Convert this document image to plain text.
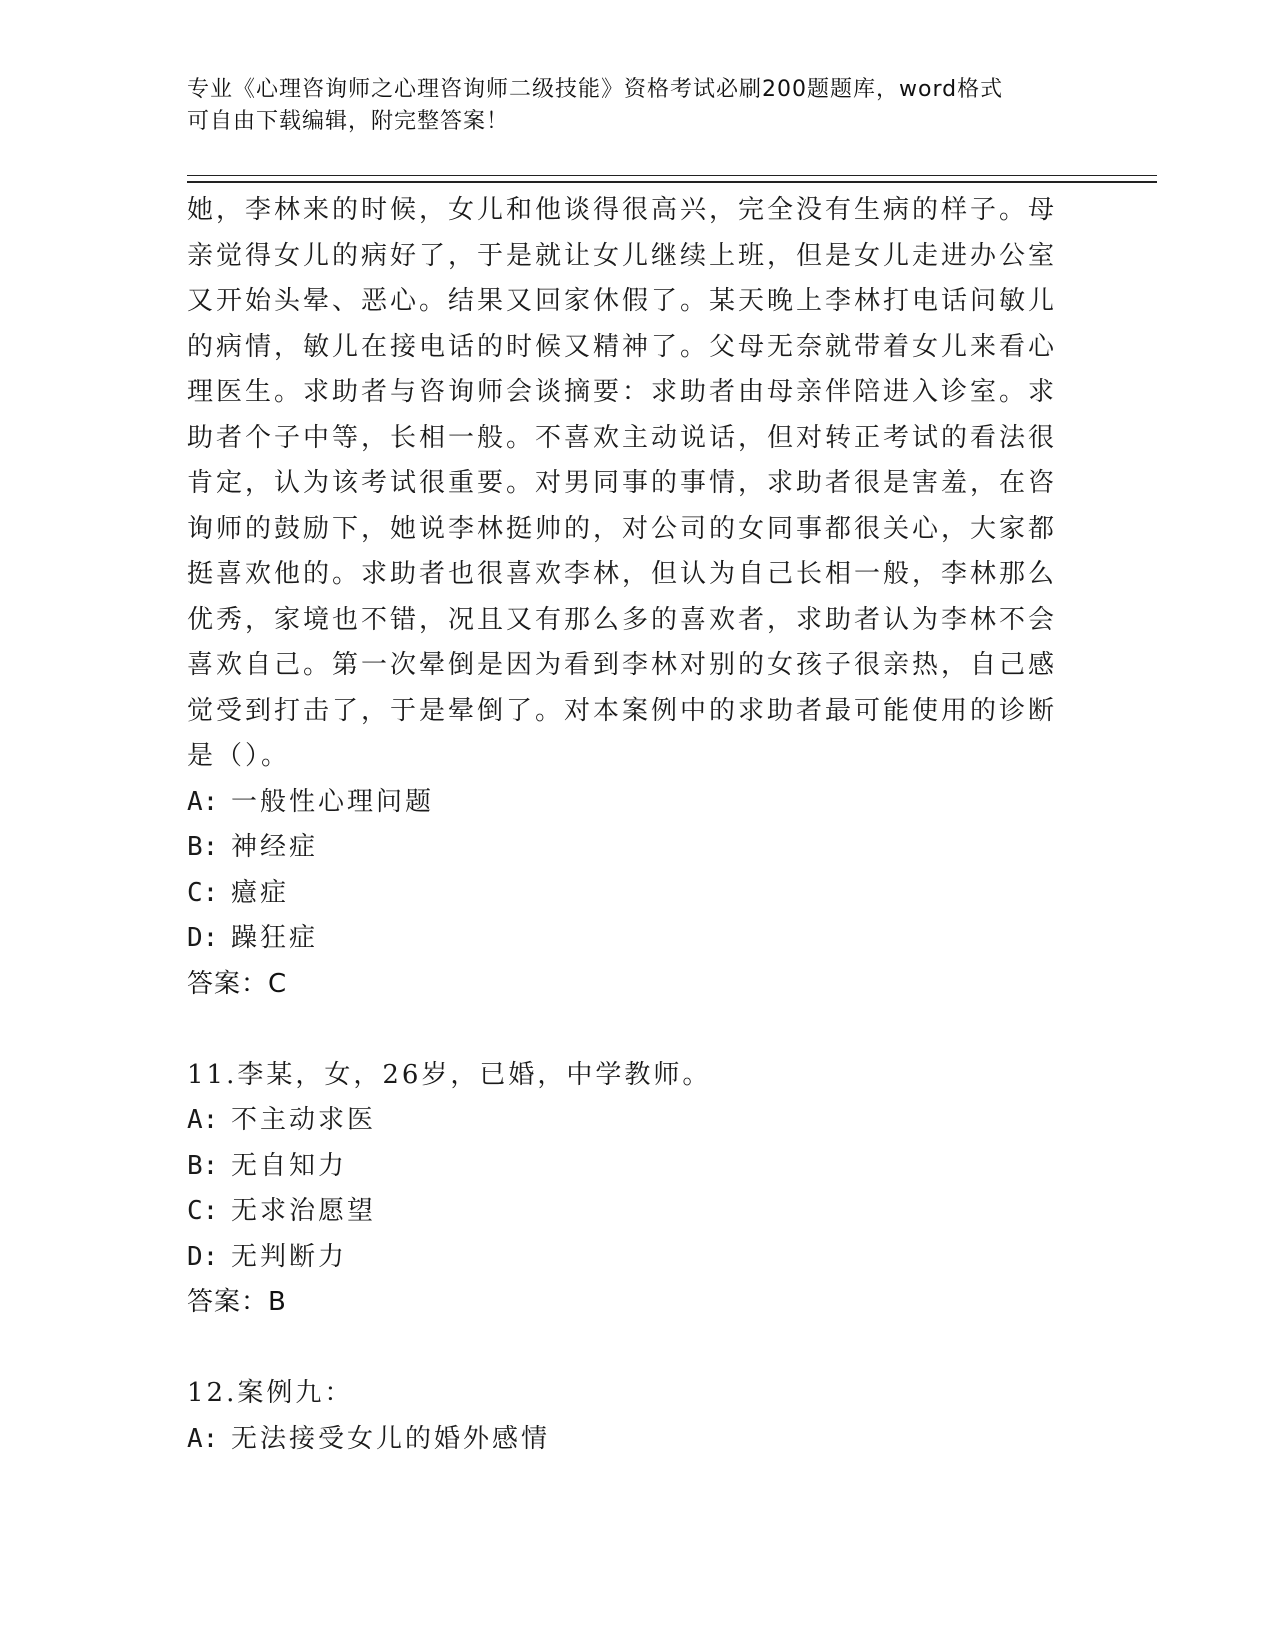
专业《心理咨询师之心理咨询师二级技能》资格考试必刷200题题库，word格式
可自由下载编辑，附完整答案！
她，李林来的时候，女儿和他谈得很高兴，完全没有生病的样子。母
亲觉得女儿的病好了，于是就让女儿继续上班，但是女儿走进办公室
又开始头晕、恶心。结果又回家休假了。某天晚上李林打电话问敏儿
的病情，敏儿在接电话的时候又精神了。父母无奈就带着女儿来看心
理医生。求助者与咨询师会谈摘要：求助者由母亲伴陪进入诊室。求
助者个子中等，长相一般。不喜欢主动说话，但对转正考试的看法很
肯定，认为该考试很重要。对男同事的事情，求助者很是害羞，在咨
询师的鼓励下，她说李林挺帅的，对公司的女同事都很关心，大家都
挺喜欢他的。求助者也很喜欢李林，但认为自己长相一般，李林那么
优秀，家境也不错，况且又有那么多的喜欢者，求助者认为李林不会
喜欢自己。第一次晕倒是因为看到李林对别的女孩子很亲热，自己感
觉受到打击了，于是晕倒了。对本案例中的求助者最可能使用的诊断
是（）。
A: 一般性心理问题
B: 神经症
C: 癔症
D: 躁狂症
答案：C
11.李某，女，26岁，已婚，中学教师。
A: 不主动求医
B: 无自知力
C: 无求治愿望
D: 无判断力
答案：B
12.案例九：
A: 无法接受女儿的婚外感情
